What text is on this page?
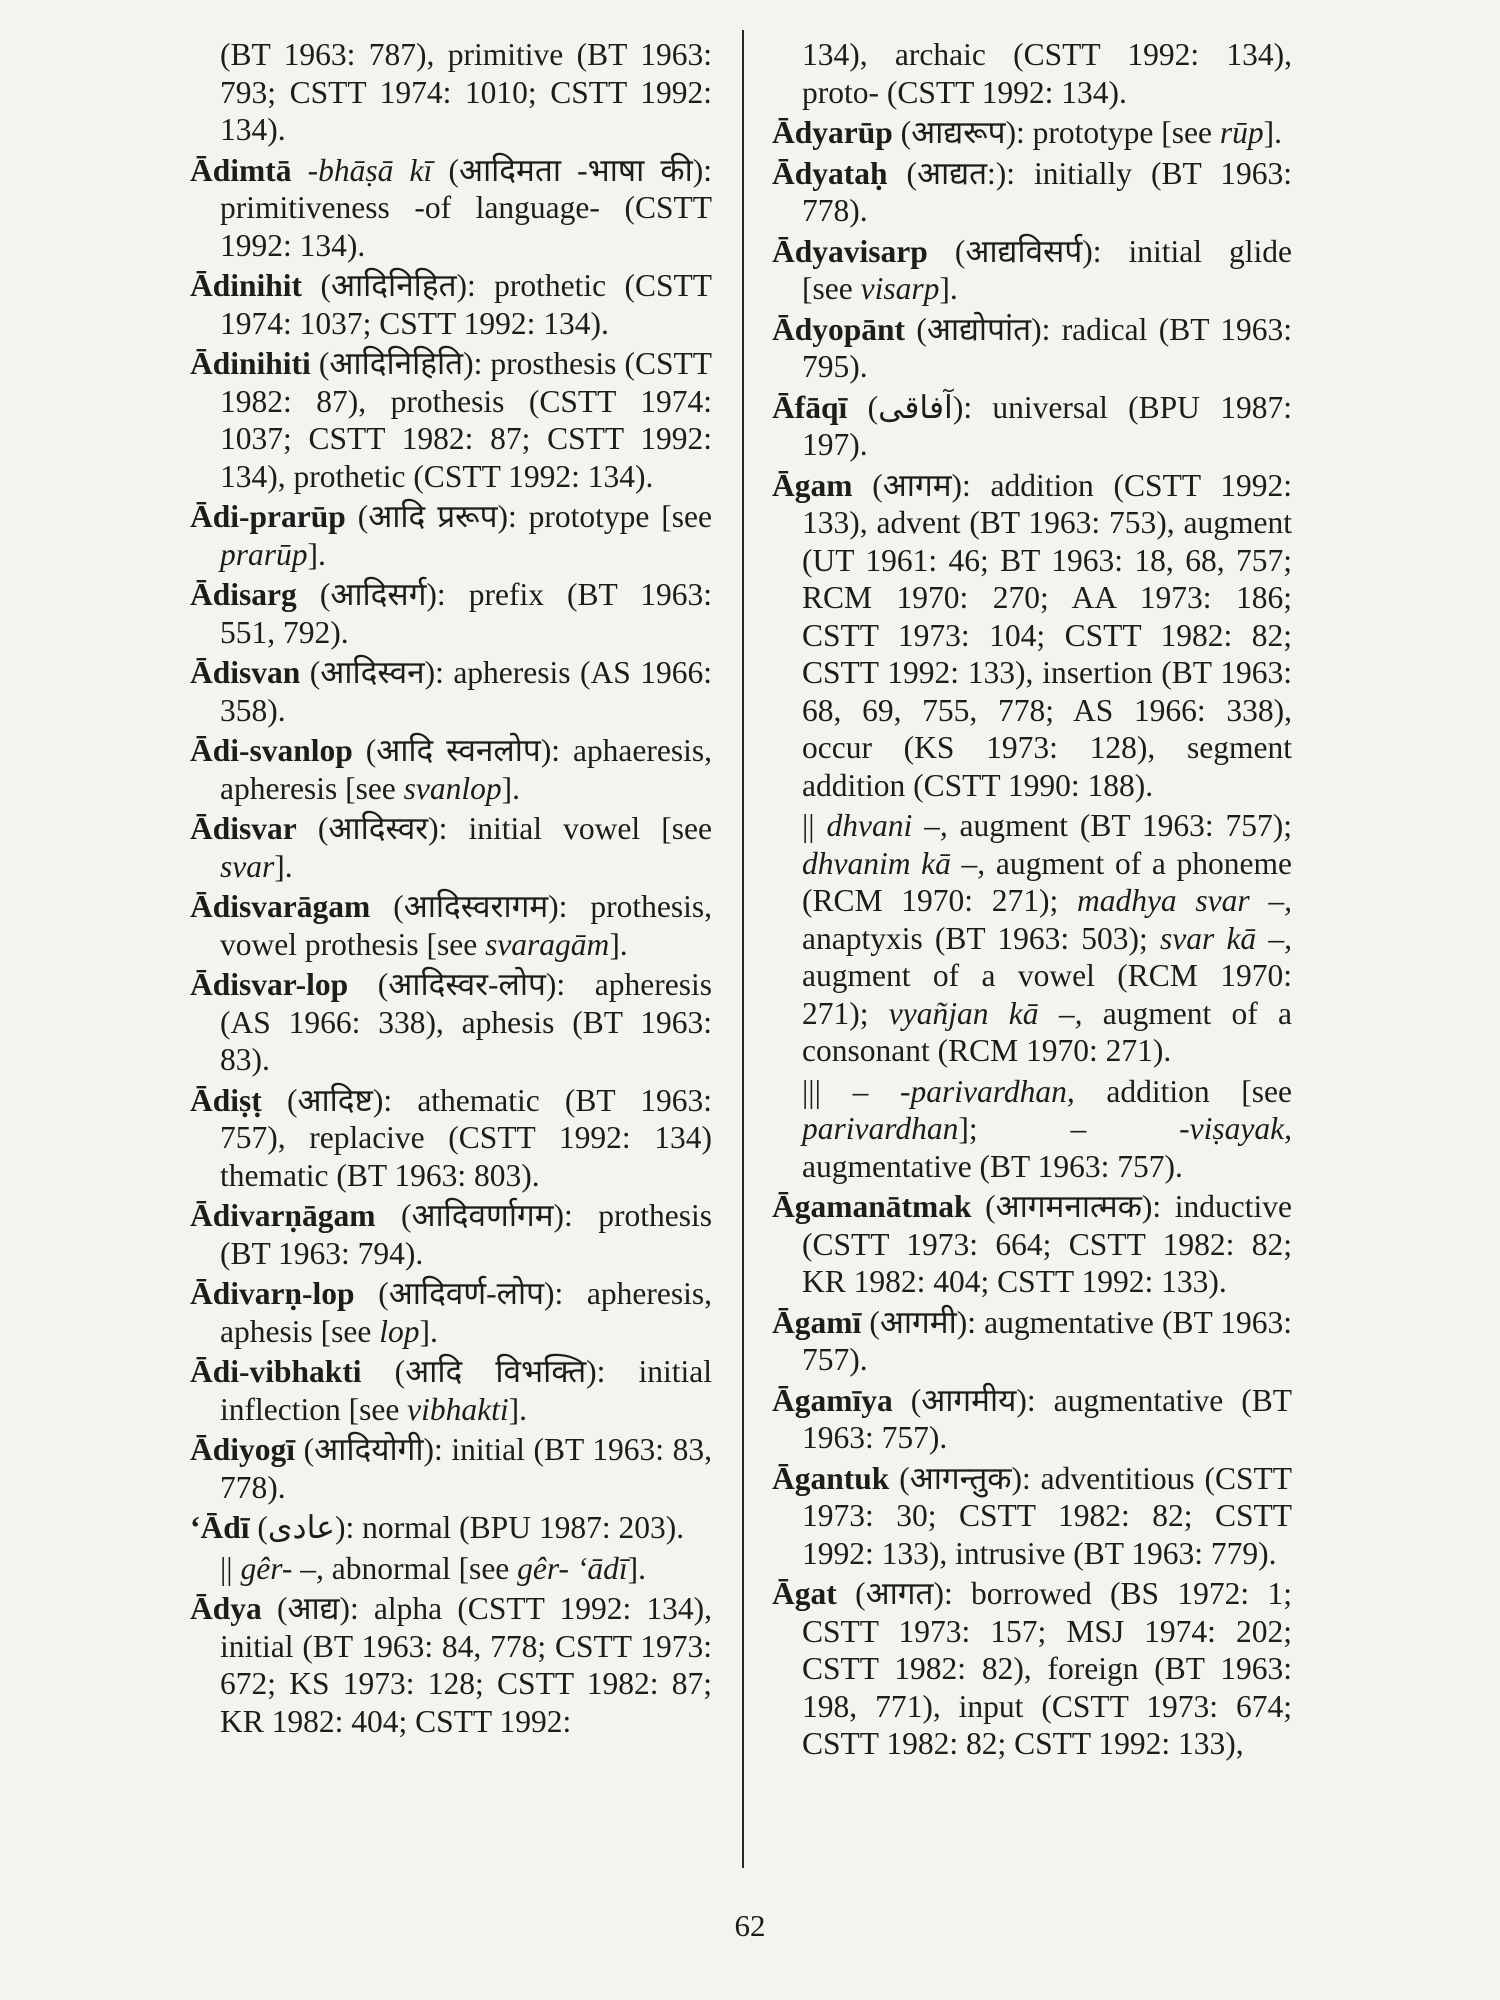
(BT 1963: 787), primitive (BT 1963: 793; CSTT 1974: 1010; CSTT 1992: 134).

Ādimtā -bhāṣā kī (आदिमता -भाषा की): primitiveness -of language- (CSTT 1992: 134).

Ādinihit (आदिनिहित): prothetic (CSTT 1974: 1037; CSTT 1992: 134).

Ādinihiti (आदिनिहिति): prosthesis (CSTT 1982: 87), prothesis (CSTT 1974: 1037; CSTT 1982: 87; CSTT 1992: 134), prothetic (CSTT 1992: 134).

Ādi-prarūp (आदि प्ररूप): prototype [see prarūp].

Ādisarg (आदिसर्ग): prefix (BT 1963: 551, 792).

Ādisvan (आदिस्वन): apheresis (AS 1966: 358).

Ādi-svanlop (आदि स्वनलोप): aphaeresis, apheresis [see svanlop].

Ādisvar (आदिस्वर): initial vowel [see svar].

Ādisvarāgam (आदिस्वरागम): prothesis, vowel prothesis [see svaragām].

Ādisvar-lop (आदिस्वर-लोप): apheresis (AS 1966: 338), aphesis (BT 1963: 83).

Ādiṣṭ (आदिष्ट): athematic (BT 1963: 757), replacive (CSTT 1992: 134) thematic (BT 1963: 803).

Ādivarṇāgam (आदिवर्णागम): prothesis (BT 1963: 794).

Ādivarṇ-lop (आदिवर्ण-लोप): apheresis, aphesis [see lop].

Ādi-vibhakti (आदि विभक्ति): initial inflection [see vibhakti].

Ādiyogī (आदियोगी): initial (BT 1963: 83, 778).

ʻĀdī (عادی): normal (BPU 1987: 203).

|| gêr- –, abnormal [see gêr- ʻādī].

Ādya (आद्य): alpha (CSTT 1992: 134), initial (BT 1963: 84, 778; CSTT 1973: 672; KS 1973: 128; CSTT 1982: 87; KR 1982: 404; CSTT 1992:

134), archaic (CSTT 1992: 134), proto- (CSTT 1992: 134).

Ādyarūp (आद्यरूप): prototype [see rūp].

Ādyataḥ (आद्यत:): initially (BT 1963: 778).

Ādyavisarp (आद्यविसर्प): initial glide [see visarp].

Ādyopānt (आद्योपांत): radical (BT 1963: 795).

Āfāqī (آفاقی): universal (BPU 1987: 197).

Āgam (आगम): addition (CSTT 1992: 133), advent (BT 1963: 753), augment (UT 1961: 46; BT 1963: 18, 68, 757; RCM 1970: 270; AA 1973: 186; CSTT 1973: 104; CSTT 1982: 82; CSTT 1992: 133), insertion (BT 1963: 68, 69, 755, 778; AS 1966: 338), occur (KS 1973: 128), segment addition (CSTT 1990: 188).

|| dhvani –, augment (BT 1963: 757); dhvanim kā –, augment of a phoneme (RCM 1970: 271); madhya svar –, anaptyxis (BT 1963: 503); svar kā –, augment of a vowel (RCM 1970: 271); vyañjan kā –, augment of a consonant (RCM 1970: 271).

||| – -parivardhan, addition [see parivardhan]; –	-viṣayak, augmentative (BT 1963: 757).

Āgamanātmak (आगमनात्मक): inductive (CSTT 1973: 664; CSTT 1982: 82; KR 1982: 404; CSTT 1992: 133).

Āgamī (आगमी): augmentative (BT 1963: 757).

Āgamīya (आगमीय): augmentative (BT 1963: 757).

Āgantuk (आगन्तुक): adventitious (CSTT 1973: 30; CSTT 1982: 82; CSTT 1992: 133), intrusive (BT 1963: 779).

Āgat (आगत): borrowed (BS 1972: 1; CSTT 1973: 157; MSJ 1974: 202; CSTT 1982: 82), foreign (BT 1963: 198, 771), input (CSTT 1973: 674; CSTT 1982: 82; CSTT 1992: 133),

62
